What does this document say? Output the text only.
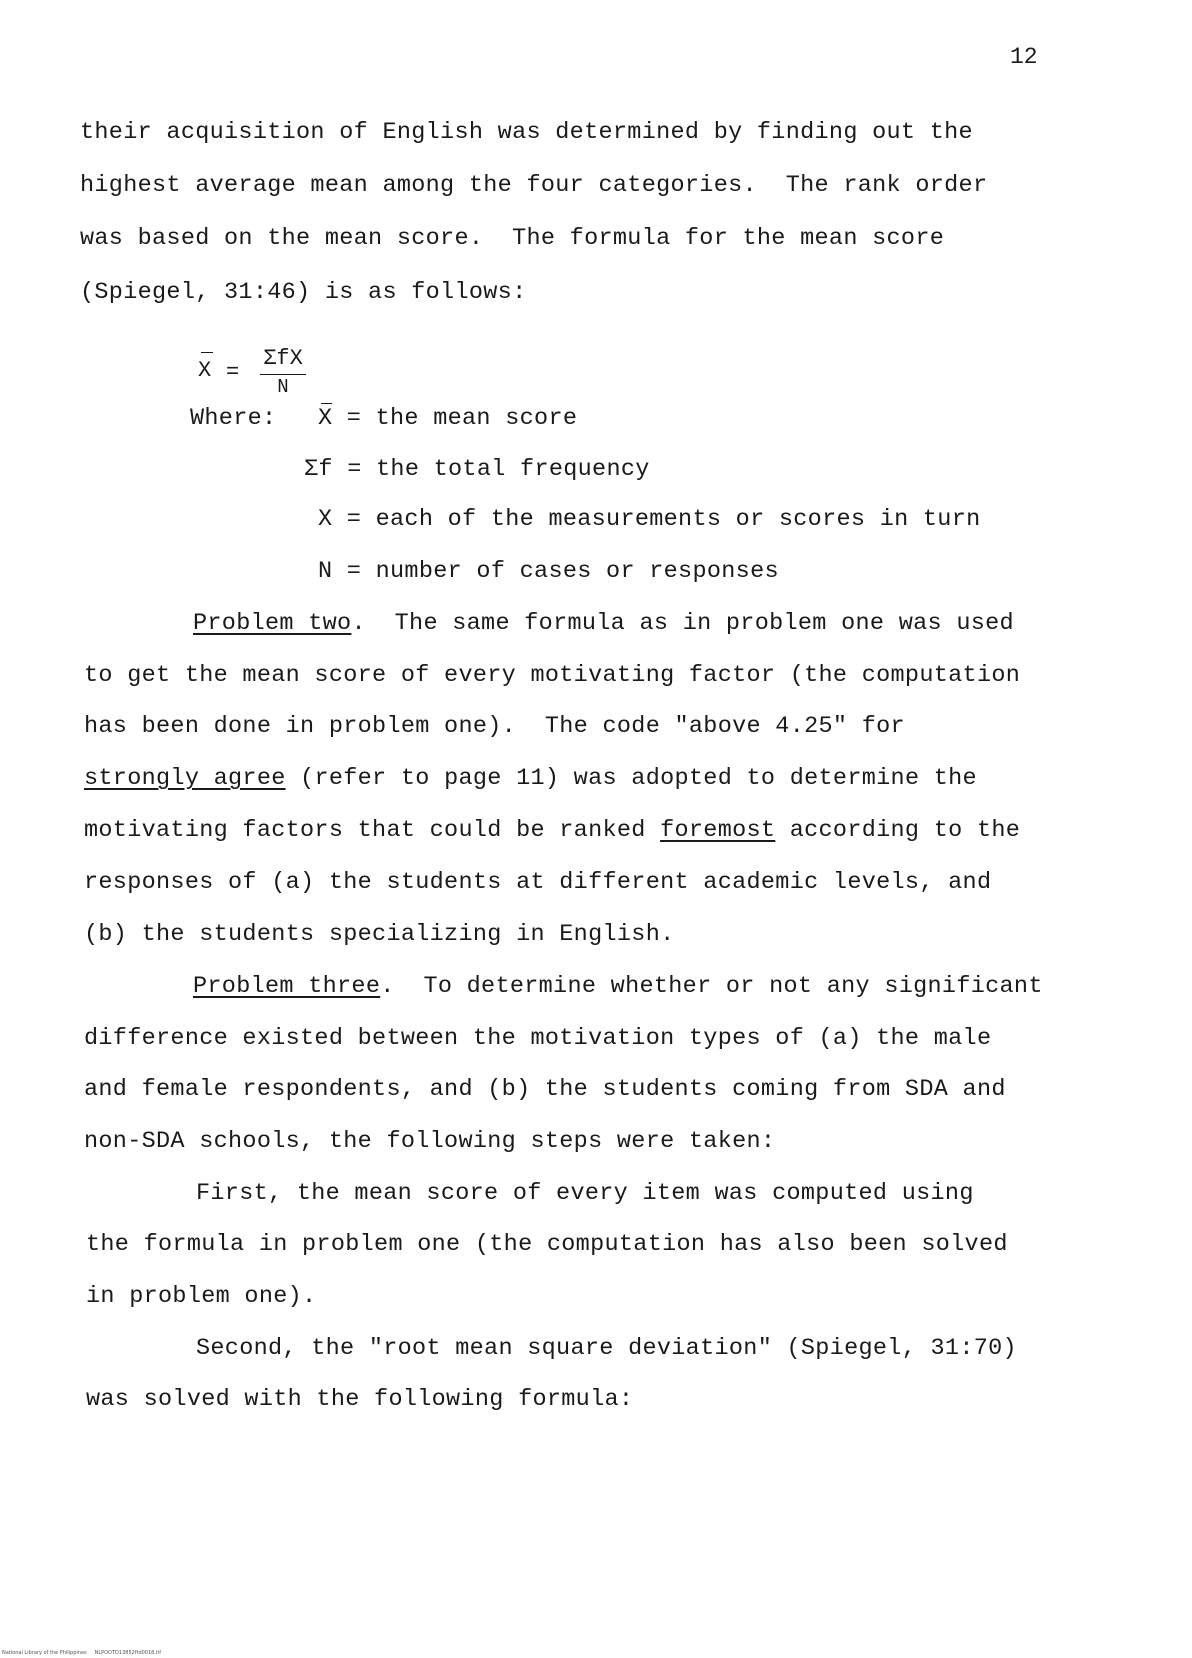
12
their acquisition of English was determined by finding out the
highest average mean among the four categories.  The rank order
was based on the mean score.  The formula for the mean score
(Spiegel, 31:46) is as follows:
X =
ΣfX
N
Where: X = the mean score
Σf = the total frequency
X = each of the measurements or scores in turn
N = number of cases or responses
Problem two.  The same formula as in problem one was used
to get the mean score of every motivating factor (the computation
has been done in problem one).  The code "above 4.25" for
strongly agree (refer to page 11) was adopted to determine the
motivating factors that could be ranked foremost according to the
responses of (a) the students at different academic levels, and
(b) the students specializing in English.
Problem three.  To determine whether or not any significant
difference existed between the motivation types of (a) the male
and female respondents, and (b) the students coming from SDA and
non-SDA schools, the following steps were taken:
First, the mean score of every item was computed using
the formula in problem one (the computation has also been solved
in problem one).
Second, the "root mean square deviation" (Spiegel, 31:70)
was solved with the following formula:
National Library of the Philippines     NLPOOTD13852ftd0018.tif
